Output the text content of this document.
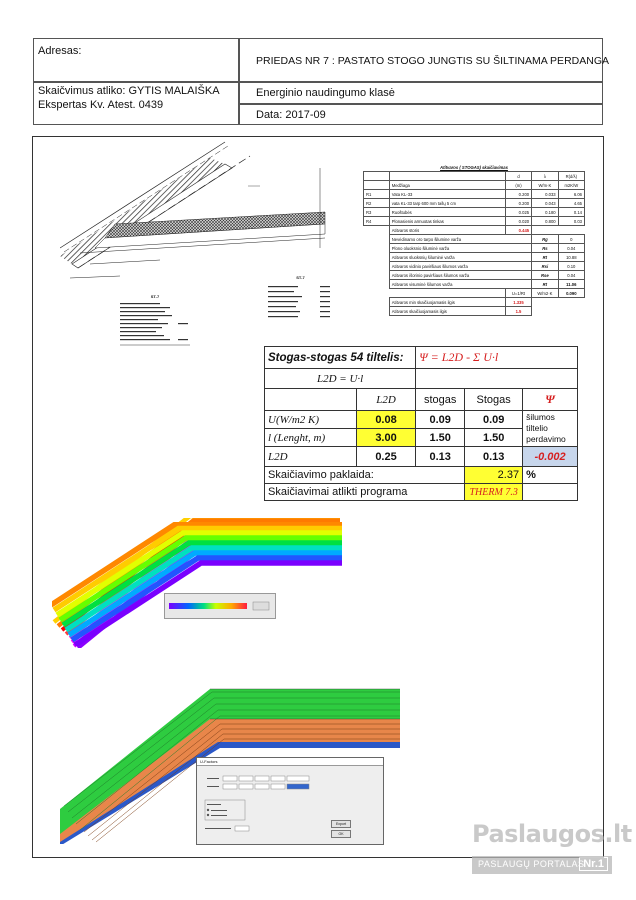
Adresas:
PRIEDAS NR 7 : PASTATO STOGO JUNGTIS SU ŠILTINAMA PERDANGA
Skaičvimus atliko: GYTIS MALAIŠKA
Ekspertas Kv. Atest. 0439
Energinio naudingumo klasė
Data: 2017-09
ST-7
ST-7
Atitvaros ( STOGAS) skaičiavimas				
		d	λ	R(d/λ)
	Medžiaga	(m)	W/m·K	m2K/W
R1	Vata KL-33	0.200	0.033	6.06
R2	vata KL-33 tarp 600 mm tašų 5 cm	0.200	0.043	4.65
R3	Ruoštubės	0.025	0.180	0.14
R4	Plonasienis armuotas tinkas	0.020	0.800	0.03
	Atitvaros storis	0.445		
	Nevėdinamo oro tarpo šilumine varža		Rg	0
	Plono oluoksnio šiluminė varža		Rs	0.04
	Atitvaros sluoksnių šiluminė varža		Rt	10.88
	Atitvaros vidinio paviršiaus šilumos varža		Rsi	0.10
	Atitvaros išorinio paviršiaus šilumos varža		Rse	0.04
	Atitvaros visuminė šilumos varža		Rt	11.06
		U=1/Rt	W/m2·K	0.090
	Atitvaros min skaičiuojamasis ilgis	1.335		
	Atitvaros skaičiuojamasis ilgis	1.5		
Stogas-stogas 54 tiltelis:		Ψ = L2D - Σ U·l		
L2D = U·l				
	L2D	stogas	Stogas	Ψ
U(W/m2 K)	0.08	0.09	0.09	šilumos
tiltelio
perdavimo

l (Lenght, m)	3.00	1.50	1.50	
L2D	0.25	0.13	0.13	-0.002
Skaičiavimo paklaida:			2.37	%
Skaičiavimai atlikti programa			THERM 7.3	
U-Factors
Export
OK	Paslaugos.lt
PASLAUGŲ PORTALAS
Nr.1
